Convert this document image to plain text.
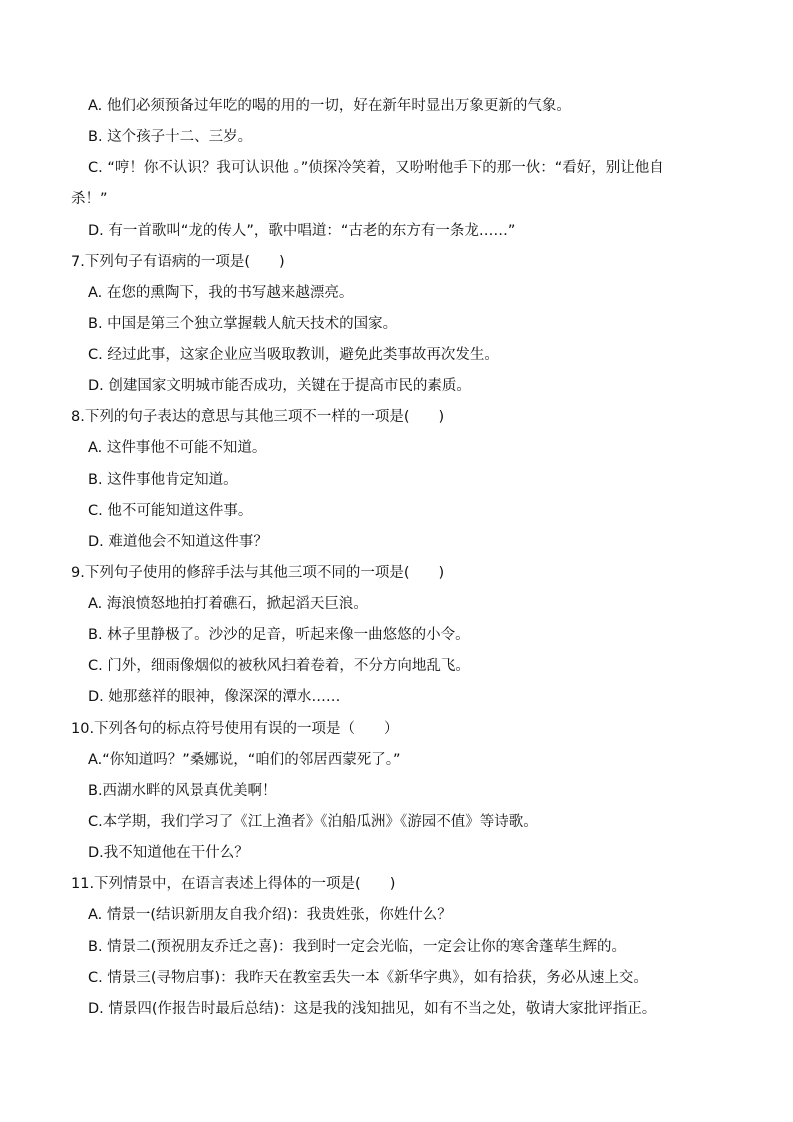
A. 他们必须预备过年吃的喝的用的一切，好在新年时显出万象更新的气象。
B. 这个孩子十二、三岁。
C. “哼！你不认识？我可认识他 。”侦探冷笑着，又吩咐他手下的那一伙：“看好，别让他自
杀！”
D. 有一首歌叫“龙的传人”，歌中唱道：“古老的东方有一条龙……”
7.下列句子有语病的一项是(　　)
A. 在您的熏陶下，我的书写越来越漂亮。
B. 中国是第三个独立掌握载人航天技术的国家。
C. 经过此事，这家企业应当吸取教训，避免此类事故再次发生。
D. 创建国家文明城市能否成功，关键在于提高市民的素质。
8.下列的句子表达的意思与其他三项不一样的一项是(　　)
A. 这件事他不可能不知道。
B. 这件事他肯定知道。
C. 他不可能知道这件事。
D. 难道他会不知道这件事？
9.下列句子使用的修辞手法与其他三项不同的一项是(　　)
A. 海浪愤怒地拍打着礁石，掀起滔天巨浪。
B. 林子里静极了。沙沙的足音，听起来像一曲悠悠的小令。
C. 门外，细雨像烟似的被秋风扫着卷着，不分方向地乱飞。
D. 她那慈祥的眼神，像深深的潭水……
10.下列各句的标点符号使用有误的一项是（　　）
A.“你知道吗？”桑娜说，“咱们的邻居西蒙死了。”
B.西湖水畔的风景真优美啊！
C.本学期，我们学习了《江上渔者》《泊船瓜洲》《游园不值》等诗歌。
D.我不知道他在干什么？
11.下列情景中，在语言表述上得体的一项是(　　)
A. 情景一(结识新朋友自我介绍)：我贵姓张，你姓什么？
B. 情景二(预祝朋友乔迁之喜)：我到时一定会光临，一定会让你的寒舍蓬荜生辉的。
C. 情景三(寻物启事)：我昨天在教室丢失一本《新华字典》，如有拾获，务必从速上交。
D. 情景四(作报告时最后总结)：这是我的浅知拙见，如有不当之处，敬请大家批评指正。
